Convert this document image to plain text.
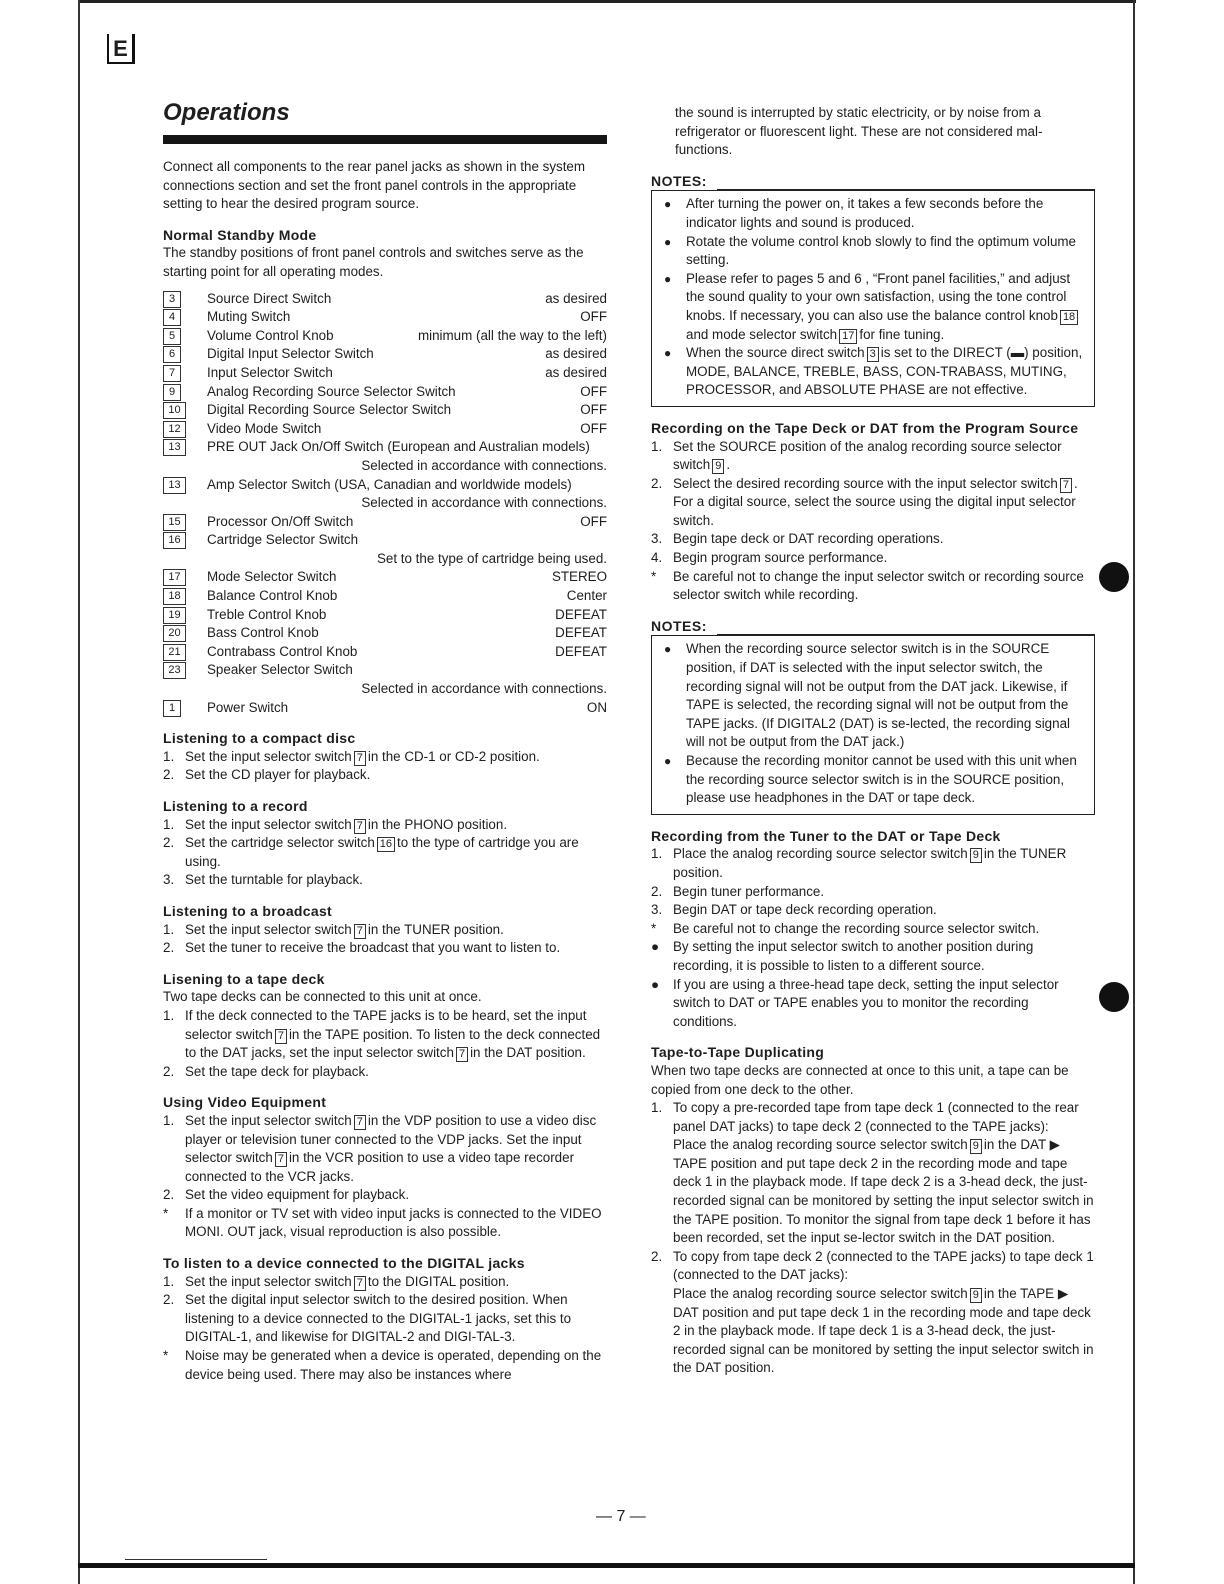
E
Operations

Connect all components to the rear panel jacks as shown in the system connections section and set the front panel controls in the appropriate setting to hear the desired program source.

Normal Standby Mode

The standby positions of front panel controls and switches serve as the starting point for all operating modes.

3	Source Direct Switch	as desired
4	Muting Switch	OFF
5	Volume Control Knob	minimum (all the way to the left)
6	Digital Input Selector Switch	as desired
7	Input Selector Switch	as desired
9	Analog Recording Source Selector Switch	OFF
10	Digital Recording Source Selector Switch	OFF
12	Video Mode Switch	OFF
13	PRE OUT Jack On/Off Switch (European and Australian models)
Selected in accordance with connections.
13	Amp Selector Switch (USA, Canadian and worldwide models)
Selected in accordance with connections.
15	Processor On/Off Switch	OFF
16	Cartridge Selector Switch
Set to the type of cartridge being used.
17	Mode Selector Switch	STEREO
18	Balance Control Knob	Center
19	Treble Control Knob	DEFEAT
20	Bass Control Knob	DEFEAT
21	Contrabass Control Knob	DEFEAT
23	Speaker Selector Switch
Selected in accordance with connections.
1	Power Switch	ON

Listening to a compact disc

1. Set the input selector switch 7 in the CD-1 or CD-2 position.
2. Set the CD player for playback.

Listening to a record

1. Set the input selector switch 7 in the PHONO position.
2. Set the cartridge selector switch 16 to the type of cartridge you are using.
3. Set the turntable for playback.

Listening to a broadcast

1. Set the input selector switch 7 in the TUNER position.
2. Set the tuner to receive the broadcast that you want to listen to.

Lisening to a tape deck

Two tape decks can be connected to this unit at once.

1. If the deck connected to the TAPE jacks is to be heard, set the input selector switch 7 in the TAPE position. To listen to the deck connected to the DAT jacks, set the input selector switch 7 in the DAT position.
2. Set the tape deck for playback.

Using Video Equipment

1. Set the input selector switch 7 in the VDP position to use a video disc player or television tuner connected to the VDP jacks. Set the input selector switch 7 in the VCR position to use a video tape recorder connected to the VCR jacks.
2. Set the video equipment for playback.
*	If a monitor or TV set with video input jacks is connected to the VIDEO MONI. OUT jack, visual reproduction is also possible.

To listen to a device connected to the DIGITAL jacks

1. Set the input selector switch 7 to the DIGITAL position.
2. Set the digital input selector switch to the desired position. When listening to a device connected to the DIGITAL-1 jacks, set this to DIGITAL-1, and likewise for DIGITAL-2 and DIGI-TAL-3.
*	Noise may be generated when a device is operated, depending on the device being used. There may also be instances where

the sound is interrupted by static electricity, or by noise from a refrigerator or fluorescent light. These are not considered mal-functions.

NOTES:
●	After turning the power on, it takes a few seconds before the indicator lights and sound is produced.
●	Rotate the volume control knob slowly to find the optimum volume setting.
●	Please refer to pages 5 and 6 , “Front panel facilities,” and adjust the sound quality to your own satisfaction, using the tone control knobs. If necessary, you can also use the balance control knob 18and mode selector switch 17 for fine tuning.
●	When the source direct switch 3 is set to the DIRECT (▬) position, MODE, BALANCE, TREBLE, BASS, CON-TRABASS, MUTING, PROCESSOR, and ABSOLUTE PHASE are not effective.

Recording on the Tape Deck or DAT from the Program Source

1. Set the SOURCE position of the analog recording source selector switch 9 .
2. Select the desired recording source with the input selector switch 7 . For a digital source, select the source using the digital input selector switch.
3. Begin tape deck or DAT recording operations.
4. Begin program source performance.
*	Be careful not to change the input selector switch or recording source selector switch while recording.
NOTES:
●	When the recording source selector switch is in the SOURCE position, if DAT is selected with the input selector switch, the recording signal will not be output from the DAT jack. Likewise, if TAPE is selected, the recording signal will not be output from the TAPE jacks. (If DIGITAL2 (DAT) is se-lected, the recording signal will not be output from the DAT jack.)
●	Because the recording monitor cannot be used with this unit when the recording source selector switch is in the SOURCE position, please use headphones in the DAT or tape deck.

Recording from the Tuner to the DAT or Tape Deck

1. Place the analog recording source selector switch 9 in the TUNER position.
2. Begin tuner performance.
3. Begin DAT or tape deck recording operation.
*	Be careful not to change the recording source selector switch.
●	By setting the input selector switch to another position during recording, it is possible to listen to a different source.
●	If you are using a three-head tape deck, setting the input selector switch to DAT or TAPE enables you to monitor the recording conditions.

Tape-to-Tape Duplicating

When two tape decks are connected at once to this unit, a tape can be copied from one deck to the other.

1. To copy a pre-recorded tape from tape deck 1 (connected to the rear panel DAT jacks) to tape deck 2 (connected to the TAPE jacks):
Place the analog recording source selector switch 9 in the DAT ▶ TAPE position and put tape deck 2 in the recording mode and tape deck 1 in the playback mode. If tape deck 2 is a 3-head deck, the just-recorded signal can be monitored by setting the input selector switch in the TAPE position. To monitor the signal from tape deck 1 before it has been recorded, set the input se-lector switch in the DAT position.
2. To copy from tape deck 2 (connected to the TAPE jacks) to tape deck 1 (connected to the DAT jacks):
Place the analog recording source selector switch 9 in the TAPE ▶ DAT position and put tape deck 1 in the recording mode and tape deck 2 in the playback mode. If tape deck 1 is a 3-head deck, the just-recorded signal can be monitored by setting the input selector switch in the DAT position.
— 7 —
